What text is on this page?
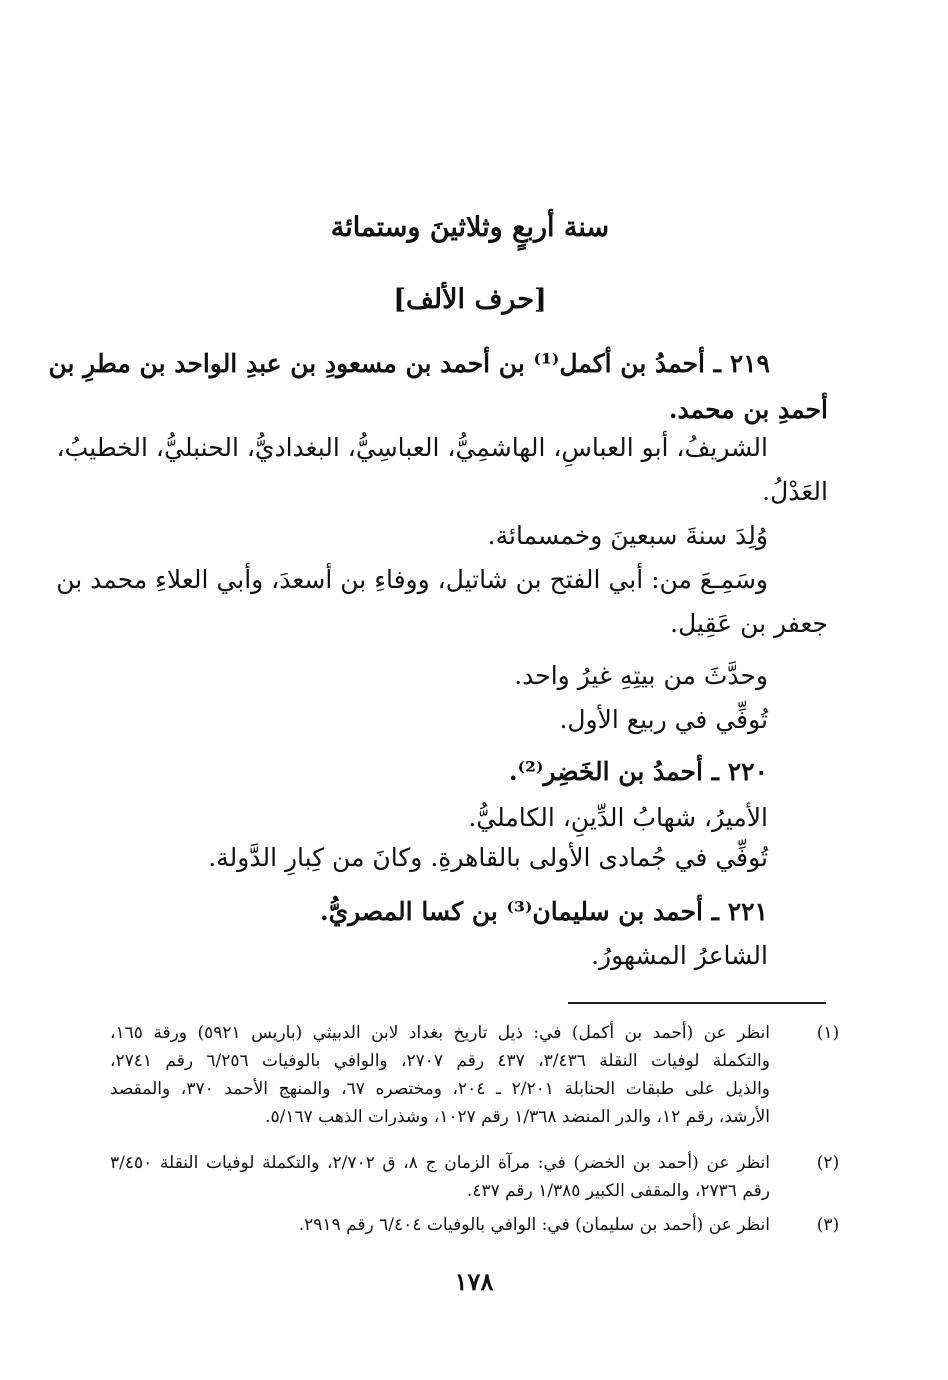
سنة أربعٍ وثلاثينَ وستمائة
[حرف الألف]
٢١٩ ـ أحمدُ بن أكمل⁽¹⁾ بن أحمد بن مسعودِ بن عبدِ الواحد بن مطرِ بن
أحمدِ بن محمد.
الشريفُ، أبو العباسِ، الهاشمِيُّ، العباسِيُّ، البغداديُّ، الحنبليُّ، الخطيبُ،
العَدْلُ.
وُلِدَ سنةَ سبعينَ وخمسمائة.
وسَمِـعَ من: أبي الفتح بن شاتيل، ووفاءِ بن أسعدَ، وأبي العلاءِ محمد بن
جعفر بن عَقِيل.
وحدَّثَ من بيتِهِ غيرُ واحد.
تُوفِّي في ربيع الأول.
٢٢٠ ـ أحمدُ بن الخَضِر⁽²⁾.
الأميرُ، شهابُ الدِّينِ، الكامليُّ.
تُوفِّي في جُمادى الأولى بالقاهرةِ. وكانَ من كِبارِ الدَّولة.
٢٢١ ـ أحمد بن سليمان⁽³⁾ بن كسا المصريُّ.
الشاعرُ المشهورُ.
(١)
انظر عن (أحمد بن أكمل) في: ذيل تاريخ بغداد لابن الدبيثي (باريس ٥٩٢١) ورقة ١٦٥،
والتكملة لوفيات النقلة ٣/٤٣٦، ٤٣٧ رقم ٢٧٠٧، والوافي بالوفيات ٦/٢٥٦ رقم ٢٧٤١،
والذيل على طبقات الحنابلة ٢/٢٠١ ـ ٢٠٤، ومختصره ٦٧، والمنهج الأحمد ٣٧٠، والمقصد
الأرشد، رقم ١٢، والدر المنضد ١/٣٦٨ رقم ١٠٢٧، وشذرات الذهب ٥/١٦٧.
(٢)
انظر عن (أحمد بن الخضر) في: مرآة الزمان ج ٨، ق ٢/٧٠٢، والتكملة لوفيات النقلة ٣/٤٥٠
رقم ٢٧٣٦، والمقفى الكبير ١/٣٨٥ رقم ٤٣٧.
(٣)
انظر عن (أحمد بن سليمان) في: الوافي بالوفيات ٦/٤٠٤ رقم ٢٩١٩.
١٧٨
